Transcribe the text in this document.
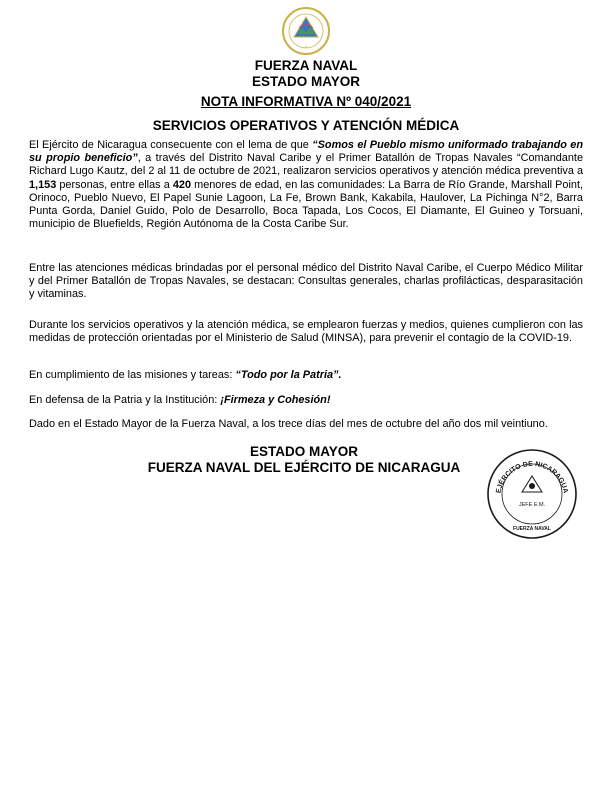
★
FUERZA NAVAL
ESTADO MAYOR
NOTA INFORMATIVA Nº 040/2021
SERVICIOS OPERATIVOS Y ATENCIÓN MÉDICA
El Ejército de Nicaragua consecuente con el lema de que “Somos el Pueblo mismo uniformado trabajando en su propio beneficio”, a través del Distrito Naval Caribe y el Primer Batallón de Tropas Navales “Comandante Richard Lugo Kautz, del 2 al 11 de octubre de 2021, realizaron servicios operativos y atención médica preventiva a 1,153 personas, entre ellas a 420 menores de edad, en las comunidades: La Barra de Río Grande, Marshall Point, Orinoco, Pueblo Nuevo, El Papel Sunie Lagoon, La Fe, Brown Bank, Kakabila, Haulover, La Pichinga N°2, Barra Punta Gorda, Daniel Guido, Polo de Desarrollo, Boca Tapada, Los Cocos, El Diamante, El Guineo y Torsuani, municipio de Bluefields, Región Autónoma de la Costa Caribe Sur.
Entre las atenciones médicas brindadas por el personal médico del Distrito Naval Caribe, el Cuerpo Médico Militar y del Primer Batallón de Tropas Navales, se destacan: Consultas generales, charlas profilácticas, desparasitación y vitaminas.
Durante los servicios operativos y la atención médica, se emplearon fuerzas y medios, quienes cumplieron con las medidas de protección orientadas por el Ministerio de Salud (MINSA), para prevenir el contagio de la COVID-19.
En cumplimiento de las misiones y tareas: “Todo por la Patria”.
En defensa de la Patria y la Institución: ¡Firmeza y Cohesión!
Dado en el Estado Mayor de la Fuerza Naval, a los trece días del mes de octubre del año dos mil veintiuno.
ESTADO MAYOR
FUERZA NAVAL DEL EJÉRCITO DE NICARAGUA
EJÉRCITO DE NICARAGUA
JEFE E.M.
FUERZA NAVAL
